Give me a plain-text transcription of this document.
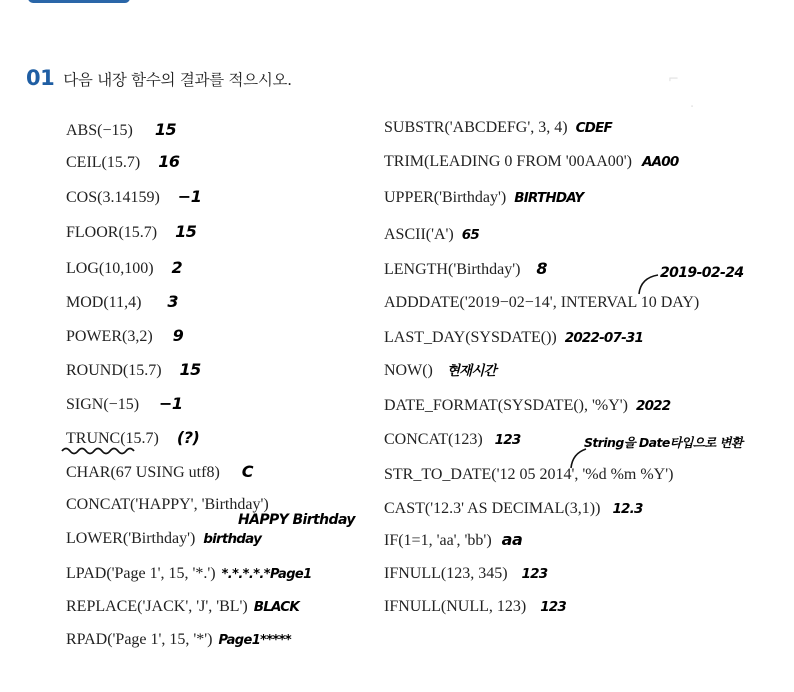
⌐
·
01 다음 내장 함수의 결과를 적으시오.
ABS(−15) 15
CEIL(15.7) 16
COS(3.14159) −1
FLOOR(15.7) 15
LOG(10,100) 2
MOD(11,4) 3
POWER(3,2) 9
ROUND(15.7) 15
SIGN(−15) −1
TRUNC(15.7) (?)
CHAR(67 USING utf8) C
CONCAT('HAPPY', 'Birthday')
HAPPY Birthday
LOWER('Birthday') birthday
LPAD('Page 1', 15, '*.') *.*.*.*.*Page1
REPLACE('JACK', 'J', 'BL') BLACK
RPAD('Page 1', 15, '*') Page1*****
SUBSTR('ABCDEFG', 3, 4) CDEF
TRIM(LEADING 0 FROM '00AA00') AA00
UPPER('Birthday') BIRTHDAY
ASCII('A') 65
LENGTH('Birthday') 8
ADDDATE('2019−02−14', INTERVAL 10 DAY)
2019-02-24
LAST_DAY(SYSDATE()) 2022-07-31
NOW() 현재시간
DATE_FORMAT(SYSDATE(), '%Y') 2022
CONCAT(123) 123
STR_TO_DATE('12 05 2014', '%d %m %Y')
String을 Date타입으로 변환
CAST('12.3' AS DECIMAL(3,1)) 12.3
IF(1=1, 'aa', 'bb') aa
IFNULL(123, 345) 123
IFNULL(NULL, 123) 123
